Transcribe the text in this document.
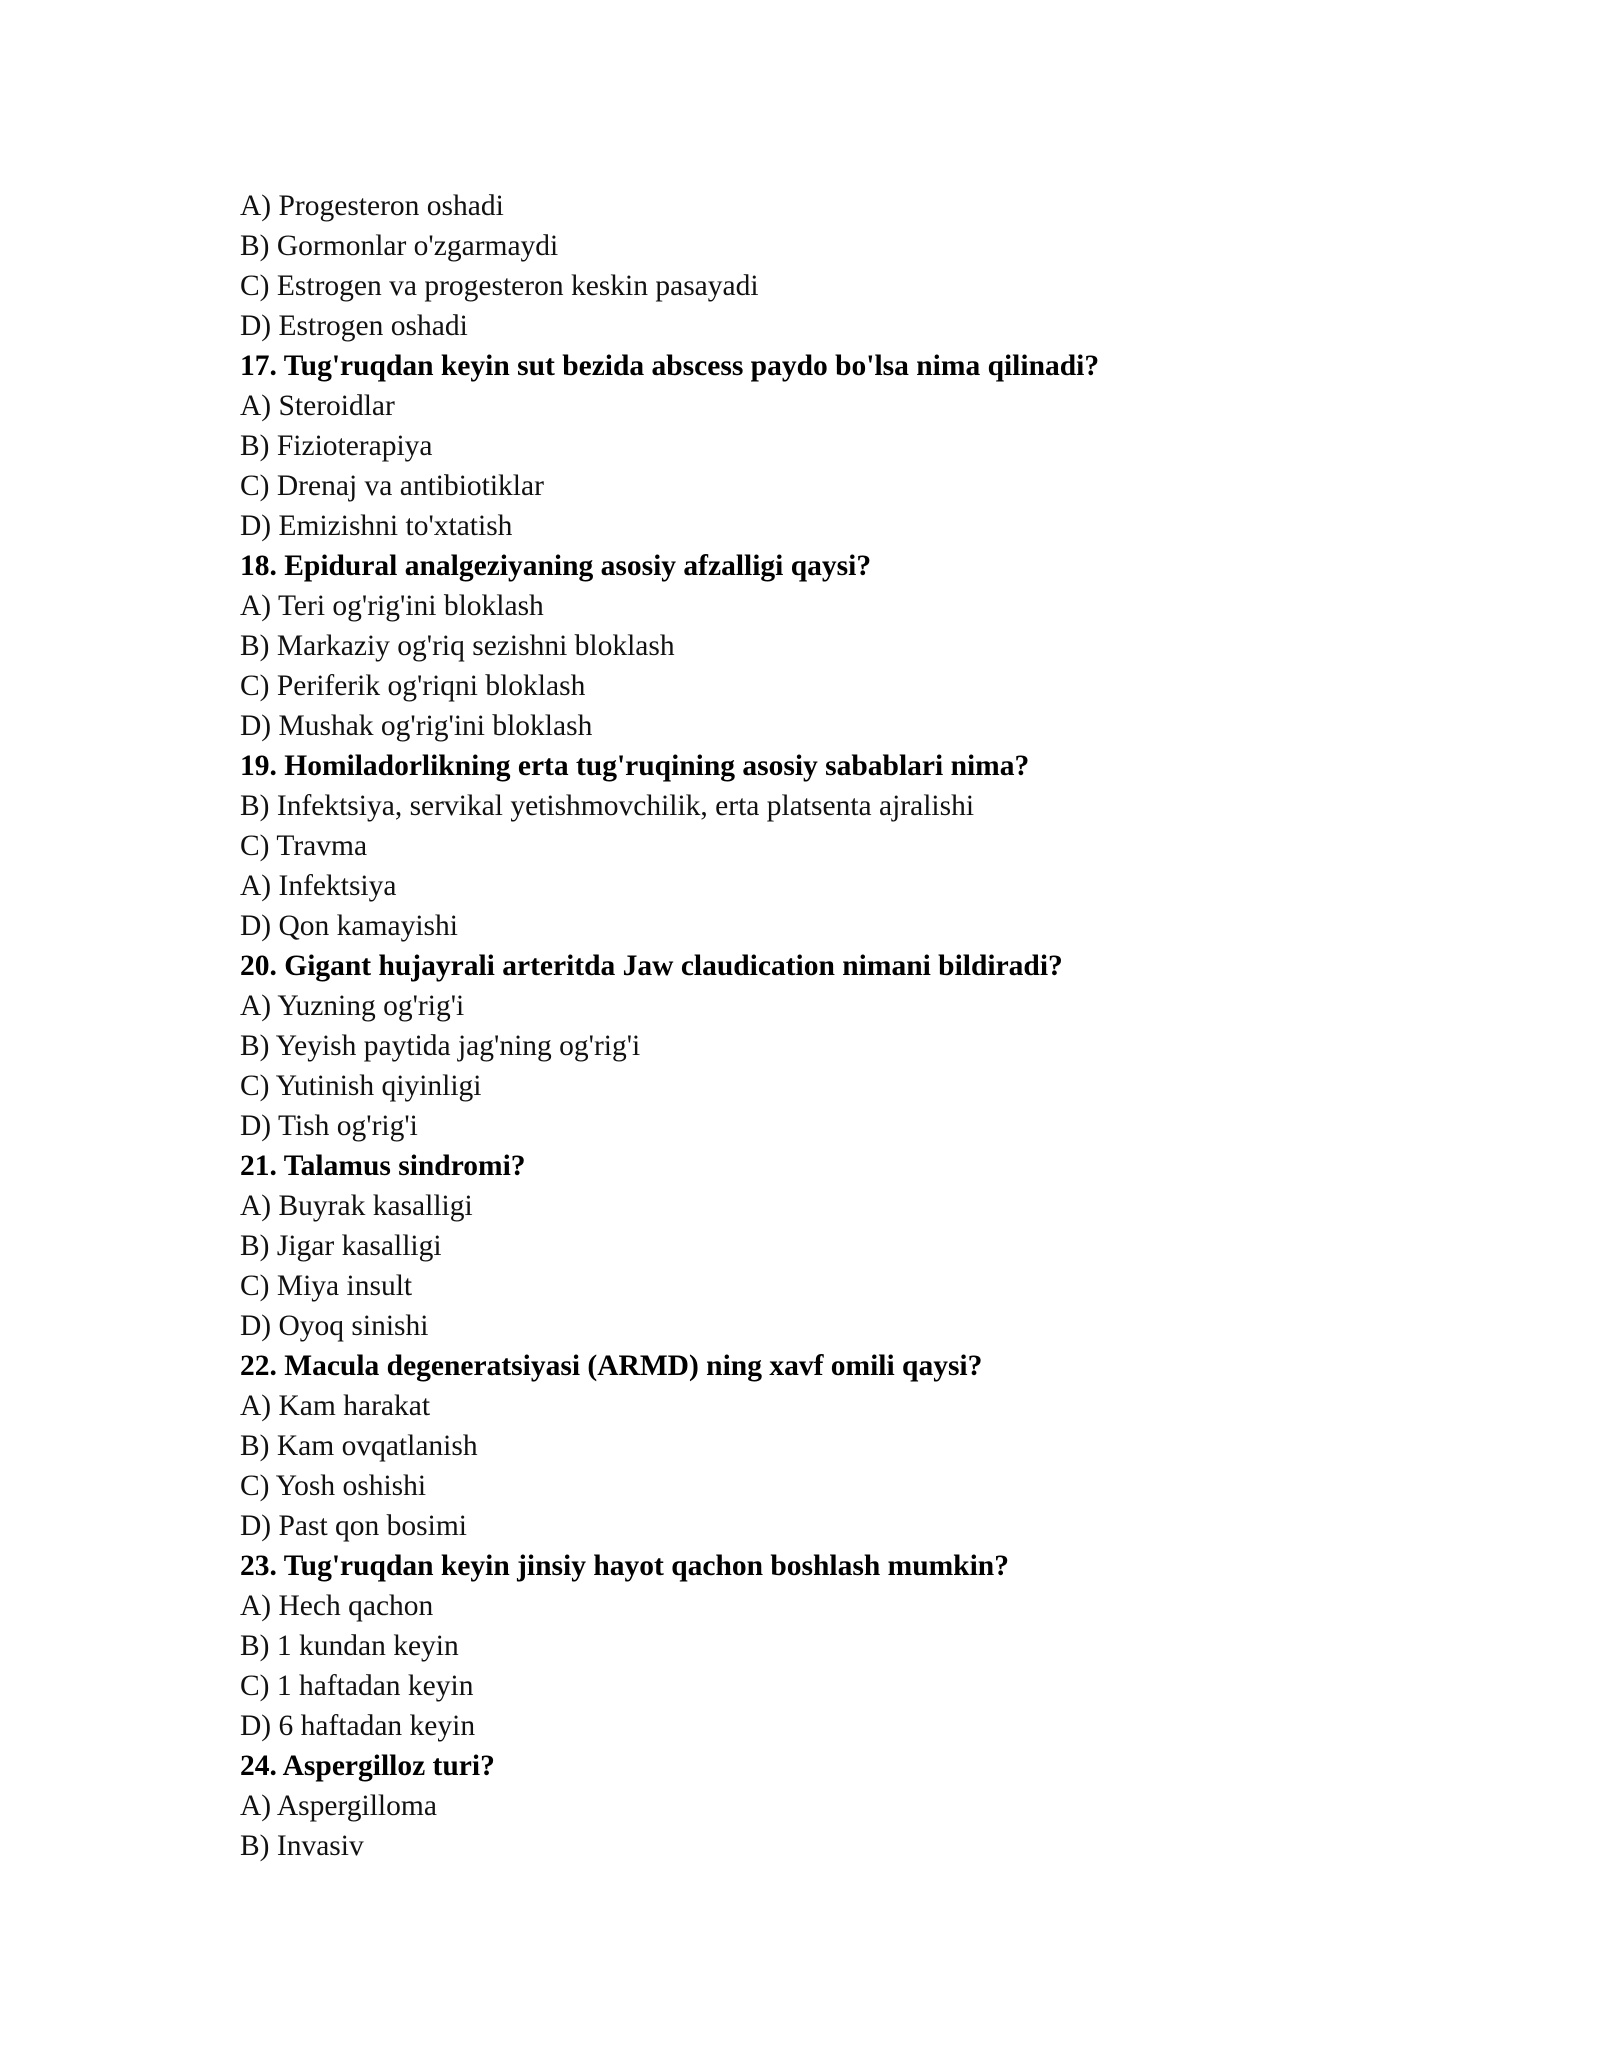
A) Progesteron oshadi
B) Gormonlar o'zgarmaydi
C) Estrogen va progesteron keskin pasayadi
D) Estrogen oshadi
17. Tug'ruqdan keyin sut bezida abscess paydo bo'lsa nima qilinadi?
A) Steroidlar
B) Fizioterapiya
C) Drenaj va antibiotiklar
D) Emizishni to'xtatish
18. Epidural analgeziyaning asosiy afzalligi qaysi?
A) Teri og'rig'ini bloklash
B) Markaziy og'riq sezishni bloklash
C) Periferik og'riqni bloklash
D) Mushak og'rig'ini bloklash
19. Homiladorlikning erta tug'ruqining asosiy sabablari nima?
B) Infektsiya, servikal yetishmovchilik, erta platsenta ajralishi
C) Travma
A) Infektsiya
D) Qon kamayishi
20. Gigant hujayrali arteritda Jaw claudication nimani bildiradi?
A) Yuzning og'rig'i
B) Yeyish paytida jag'ning og'rig'i
C) Yutinish qiyinligi
D) Tish og'rig'i
21. Talamus sindromi?
A) Buyrak kasalligi
B) Jigar kasalligi
C) Miya insult
D) Oyoq sinishi
22. Macula degeneratsiyasi (ARMD) ning xavf omili qaysi?
A) Kam harakat
B) Kam ovqatlanish
C) Yosh oshishi
D) Past qon bosimi
23. Tug'ruqdan keyin jinsiy hayot qachon boshlash mumkin?
A) Hech qachon
B) 1 kundan keyin
C) 1 haftadan keyin
D) 6 haftadan keyin
24. Aspergilloz turi?
A) Aspergilloma
B) Invasiv
